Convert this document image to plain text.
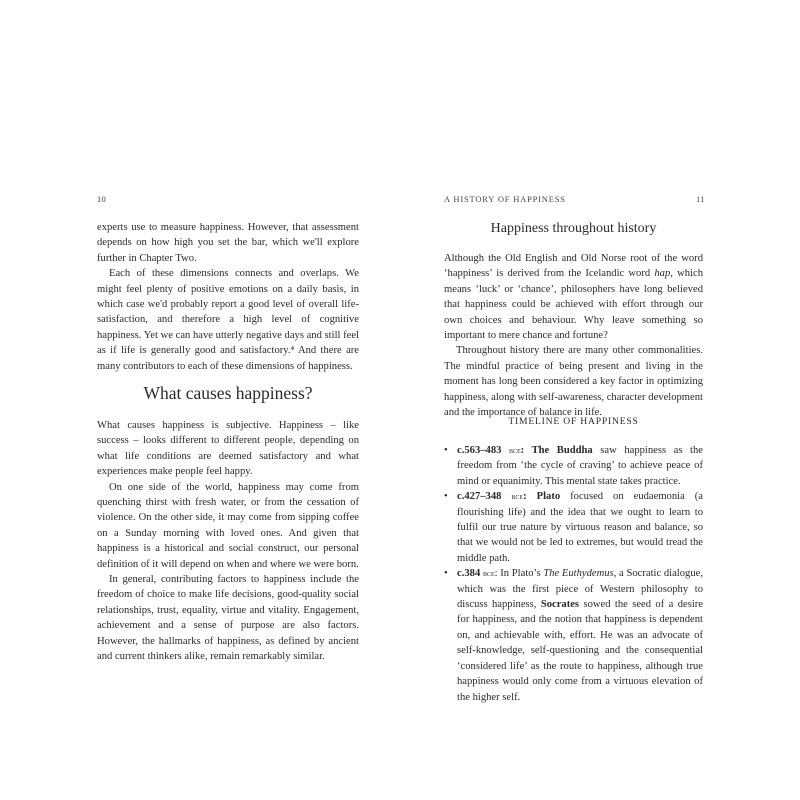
10

experts use to measure happiness. However, that assessment depends on how high you set the bar, which we'll explore further in Chapter Two.

Each of these dimensions connects and overlaps. We might feel plenty of positive emotions on a daily basis, in which case we'd probably report a good level of overall life-satisfaction, and therefore a high level of cognitive happiness. Yet we can have utterly negative days and still feel as if life is generally good and satisfactory.⁴ And there are many contributors to each of these dimensions of happiness.

What causes happiness?

What causes happiness is subjective. Happiness – like success – looks different to different people, depending on what life conditions are deemed satisfactory and what experiences make people feel happy.

On one side of the world, happiness may come from quenching thirst with fresh water, or from the cessation of violence. On the other side, it may come from sipping coffee on a Sunday morning with loved ones. And given that happiness is a historical and social construct, our personal definition of it will depend on when and where we were born.

In general, contributing factors to happiness include the freedom of choice to make life decisions, good-quality social relationships, trust, equality, virtue and vitality. Engagement, achievement and a sense of purpose are also factors. However, the hallmarks of happiness, as defined by ancient and current thinkers alike, remain remarkably similar.

A HISTORY OF HAPPINESS	11
Happiness throughout history

Although the Old English and Old Norse root of the word ‘happiness’ is derived from the Icelandic word hap, which means ‘luck’ or ‘chance’, philosophers have long believed that happiness could be achieved with effort through our own choices and behaviour. Why leave something so important to mere chance and fortune?

Throughout history there are many other commonalities. The mindful practice of being present and living in the moment has long been considered a key factor in optimizing happiness, along with self-awareness, character development and the importance of balance in life.

TIMELINE OF HAPPINESS
• c.563–483 bce: The Buddha saw happiness as the freedom from ‘the cycle of craving’ to achieve peace of mind or equanimity. This mental state takes practice.
• c.427–348 bce: Plato focused on eudaemonia (a flourishing life) and the idea that we ought to learn to fulfil our true nature by virtuous reason and balance, so that we would not be led to extremes, but would tread the middle path.
• c.384 bce: In Plato’s The Euthydemus, a Socratic dialogue, which was the first piece of Western philosophy to discuss happiness, Socrates sowed the seed of a desire for happiness, and the notion that happiness is dependent on, and achievable with, effort. He was an advocate of self-knowledge, self-questioning and the consequential ‘considered life’ as the route to happiness, although true happiness would only come from a virtuous elevation of the higher self.
